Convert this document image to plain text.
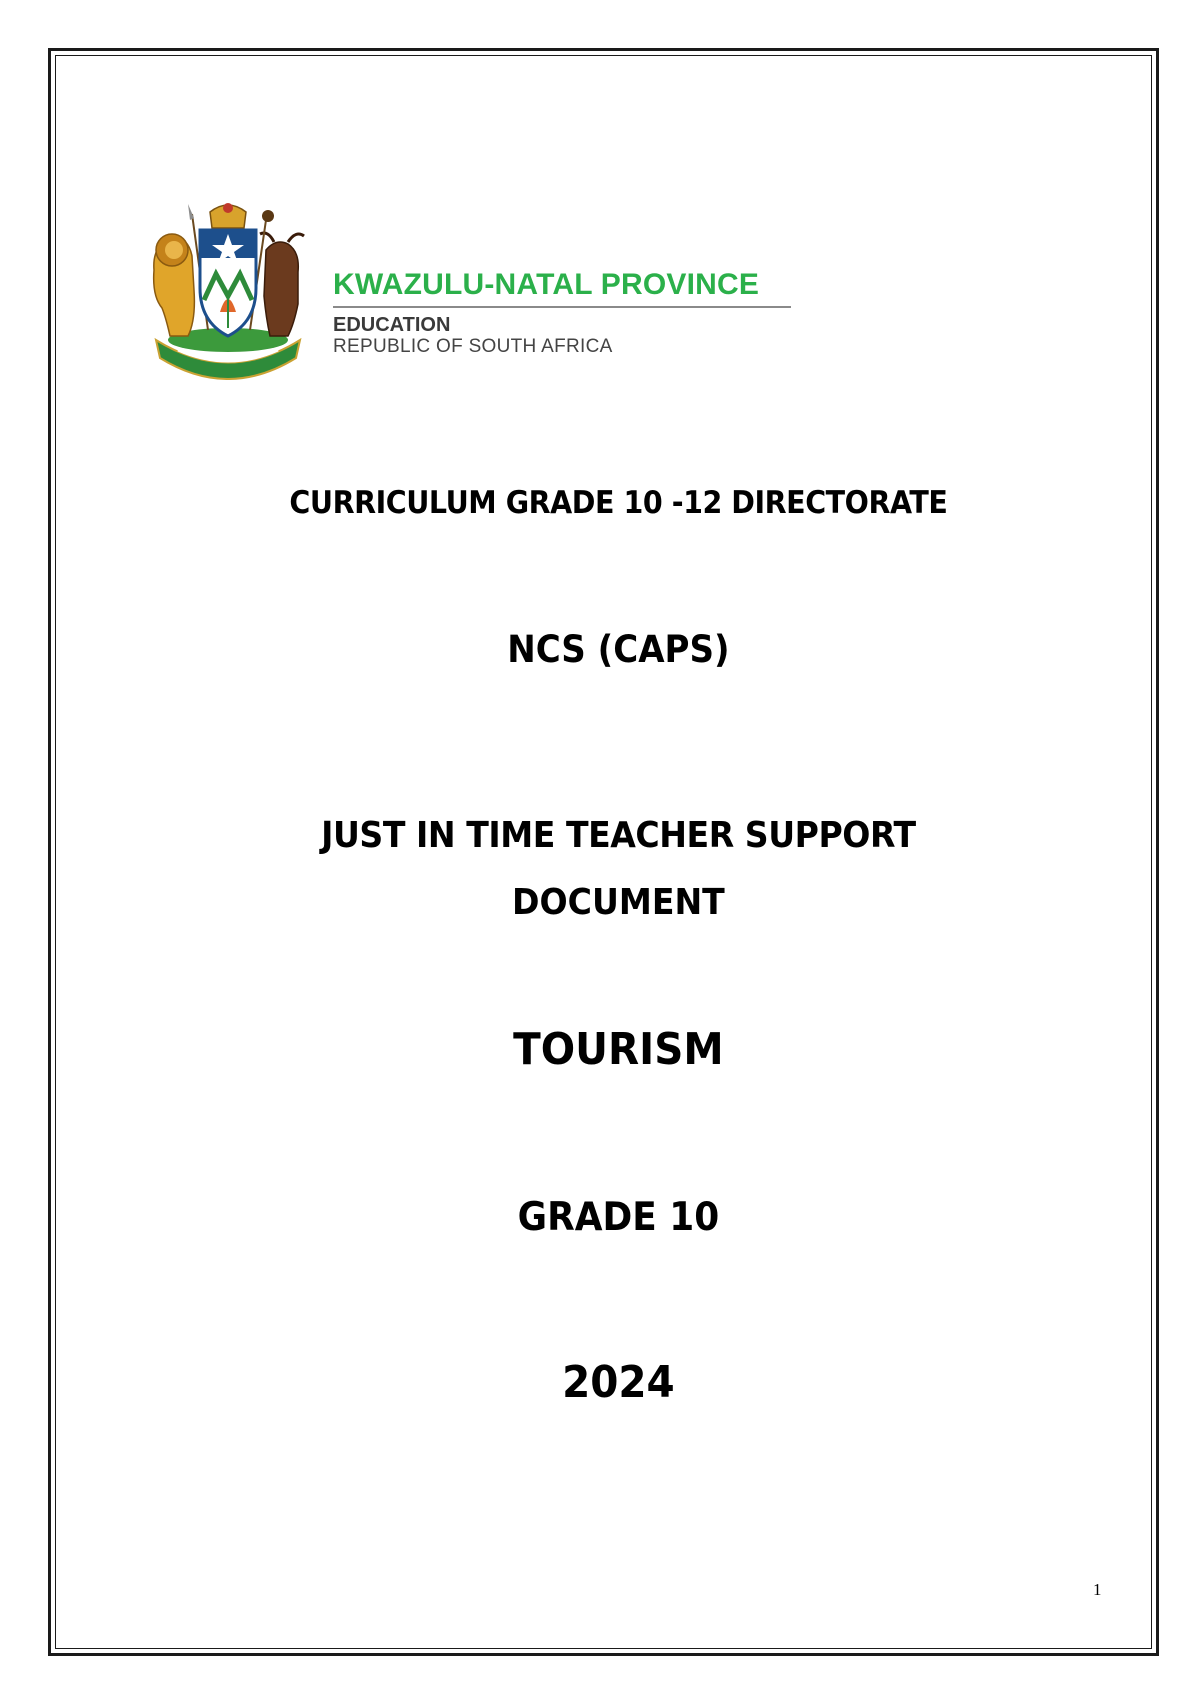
KWAZULU-NATAL PROVINCE
EDUCATION
REPUBLIC OF SOUTH AFRICA
CURRICULUM GRADE 10 -12 DIRECTORATE
NCS (CAPS)
JUST IN TIME TEACHER SUPPORT
DOCUMENT
TOURISM
GRADE 10
2024
1
